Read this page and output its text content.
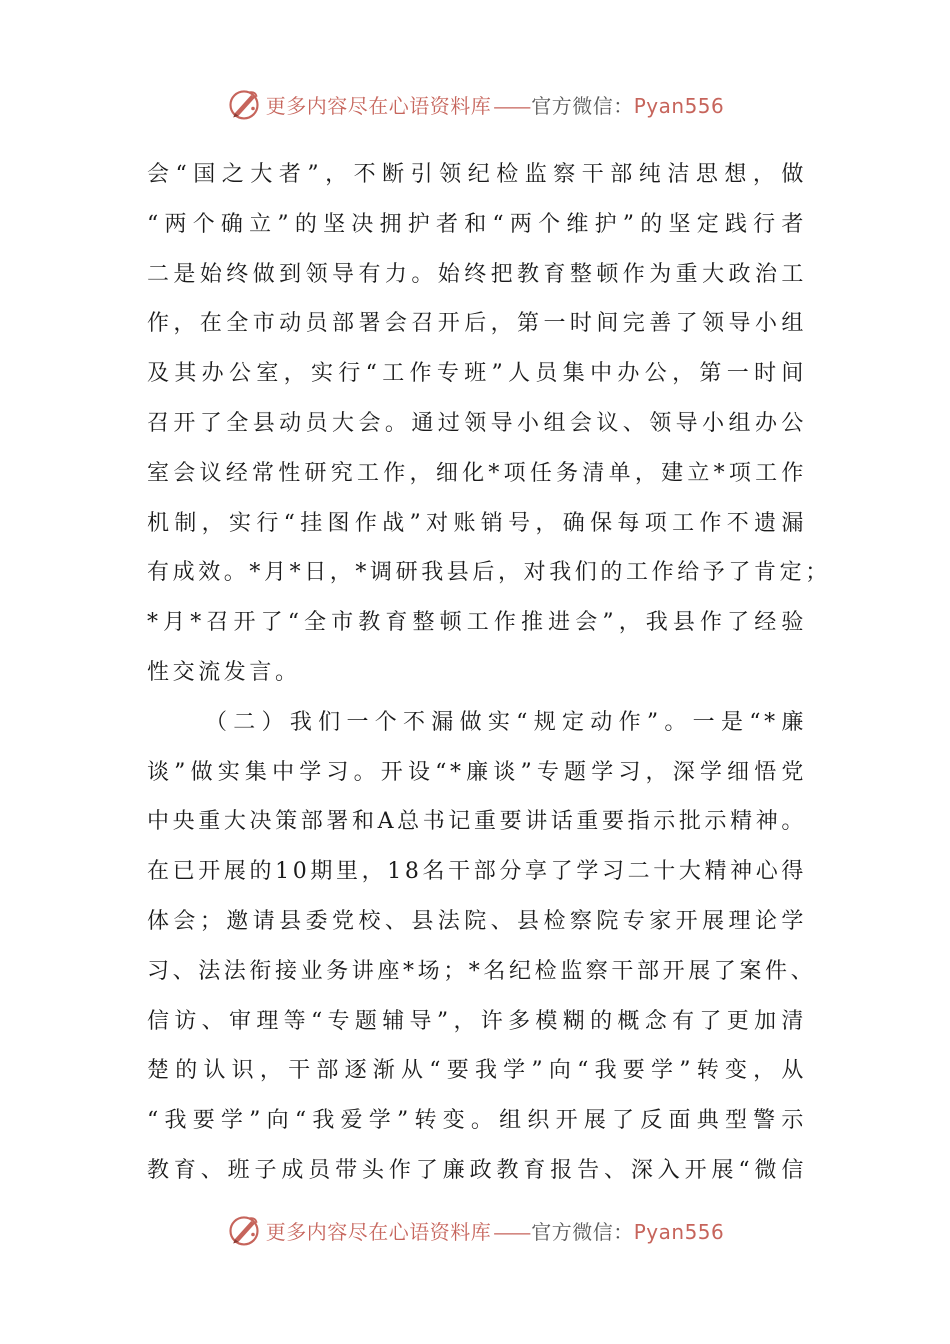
更多内容尽在心语资料库 —— 官方微信：Pyan556
会“国之大者”，不断引领纪检监察干部纯洁思想，做
“两个确立”的坚决拥护者和“两个维护”的坚定践行者
二是始终做到领导有力。始终把教育整顿作为重大政治工
作，在全市动员部署会召开后，第一时间完善了领导小组
及其办公室，实行“工作专班”人员集中办公，第一时间
召开了全县动员大会。通过领导小组会议、领导小组办公
室会议经常性研究工作，细化*项任务清单，建立*项工作
机制，实行“挂图作战”对账销号，确保每项工作不遗漏
有成效。*月*日，*调研我县后，对我们的工作给予了肯定；
*月*召开了“全市教育整顿工作推进会”，我县作了经验
性交流发言。
（二）我们一个不漏做实“规定动作”。一是“*廉
谈”做实集中学习。开设“*廉谈”专题学习，深学细悟党
中央重大决策部署和A总书记重要讲话重要指示批示精神。
在已开展的10期里，18名干部分享了学习二十大精神心得
体会；邀请县委党校、县法院、县检察院专家开展理论学
习、法法衔接业务讲座*场；*名纪检监察干部开展了案件、
信访、审理等“专题辅导”，许多模糊的概念有了更加清
楚的认识，干部逐渐从“要我学”向“我要学”转变，从
“我要学”向“我爱学”转变。组织开展了反面典型警示
教育、班子成员带头作了廉政教育报告、深入开展“微信
更多内容尽在心语资料库 —— 官方微信：Pyan556
